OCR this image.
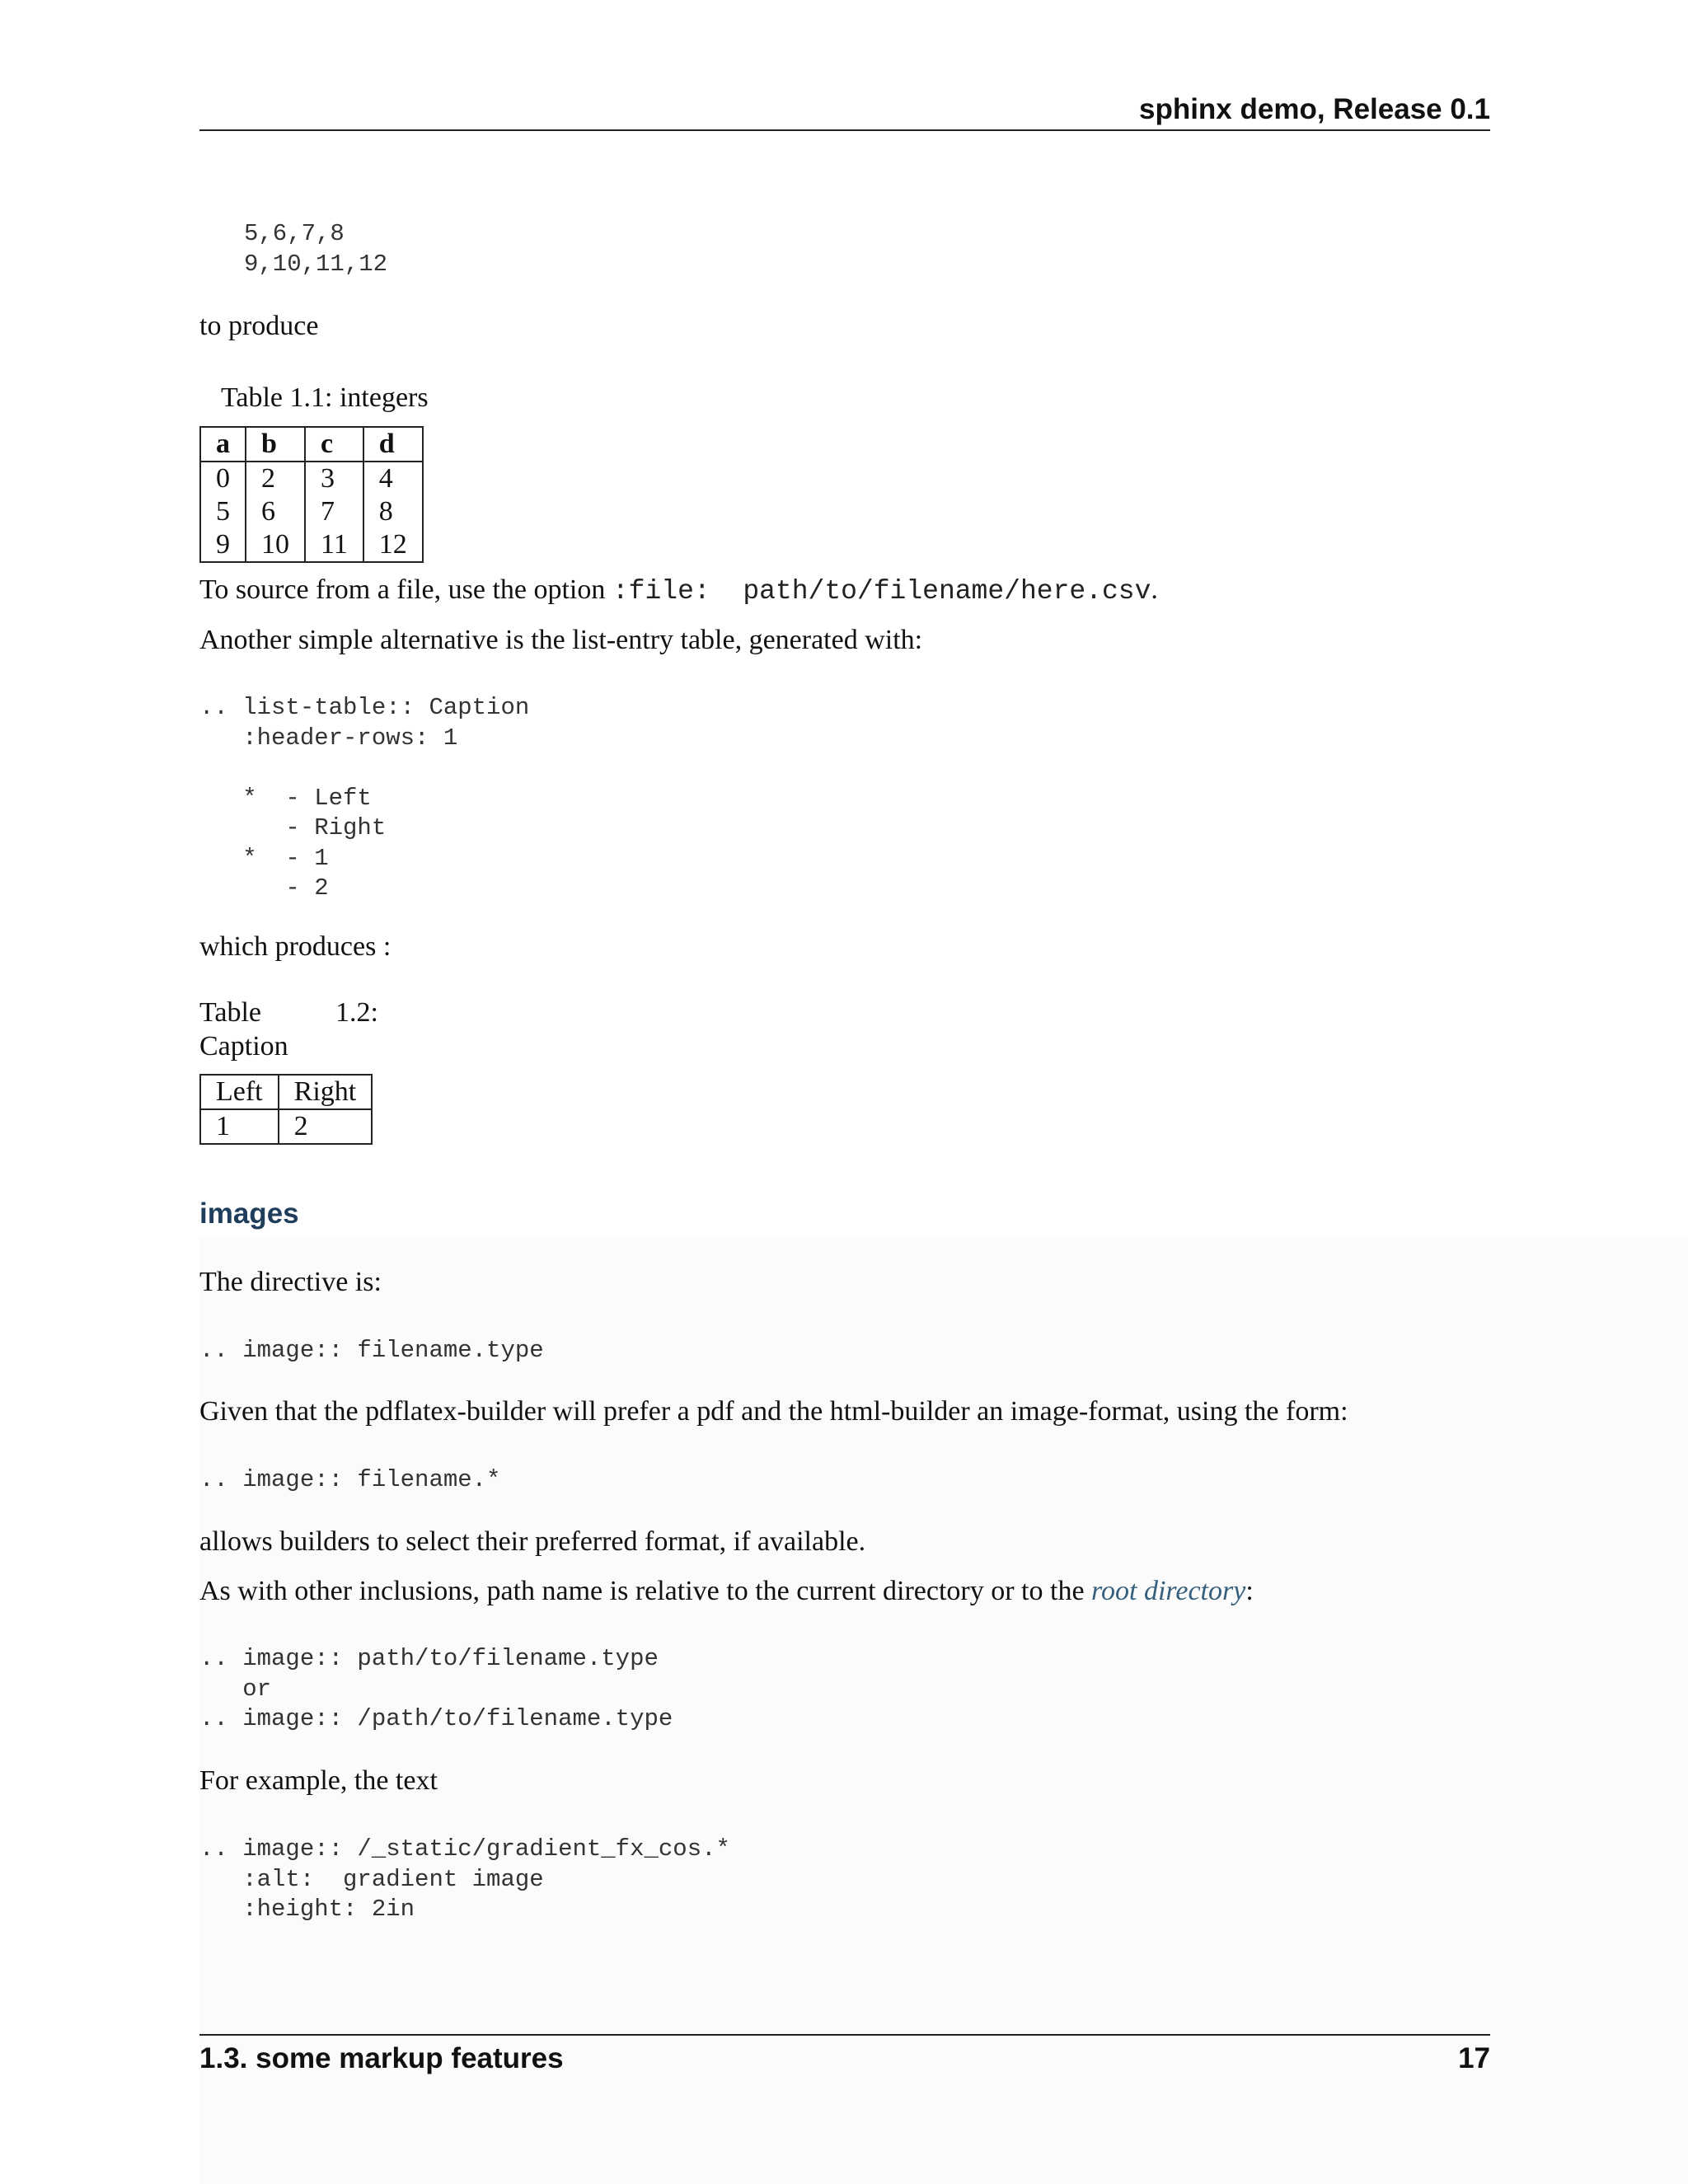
sphinx demo, Release 0.1
5,6,7,8
9,10,11,12
to produce
Table 1.1: integers
a	b	c	d
0	2	3	4
5	6	7	8
9	10	11	12
To source from a file, use the option :file: path/to/filename/here.csv.
Another simple alternative is the list-entry table, generated with:
.. list-table:: Caption
:header-rows: 1

*  - Left
- Right
*  - 1
- 2
which produces :
Table	1.2:
Caption
Left	Right
1	2
images
The directive is:
.. image:: filename.type
Given that the pdflatex-builder will prefer a pdf and the html-builder an image-format, using the form:
.. image:: filename.*
allows builders to select their preferred format, if available.
As with other inclusions, path name is relative to the current directory or to the root directory:
.. image:: path/to/filename.type
or
.. image:: /path/to/filename.type
For example, the text
.. image:: /_static/gradient_fx_cos.*
:alt:  gradient image
:height: 2in
1.3. some markup features	17
